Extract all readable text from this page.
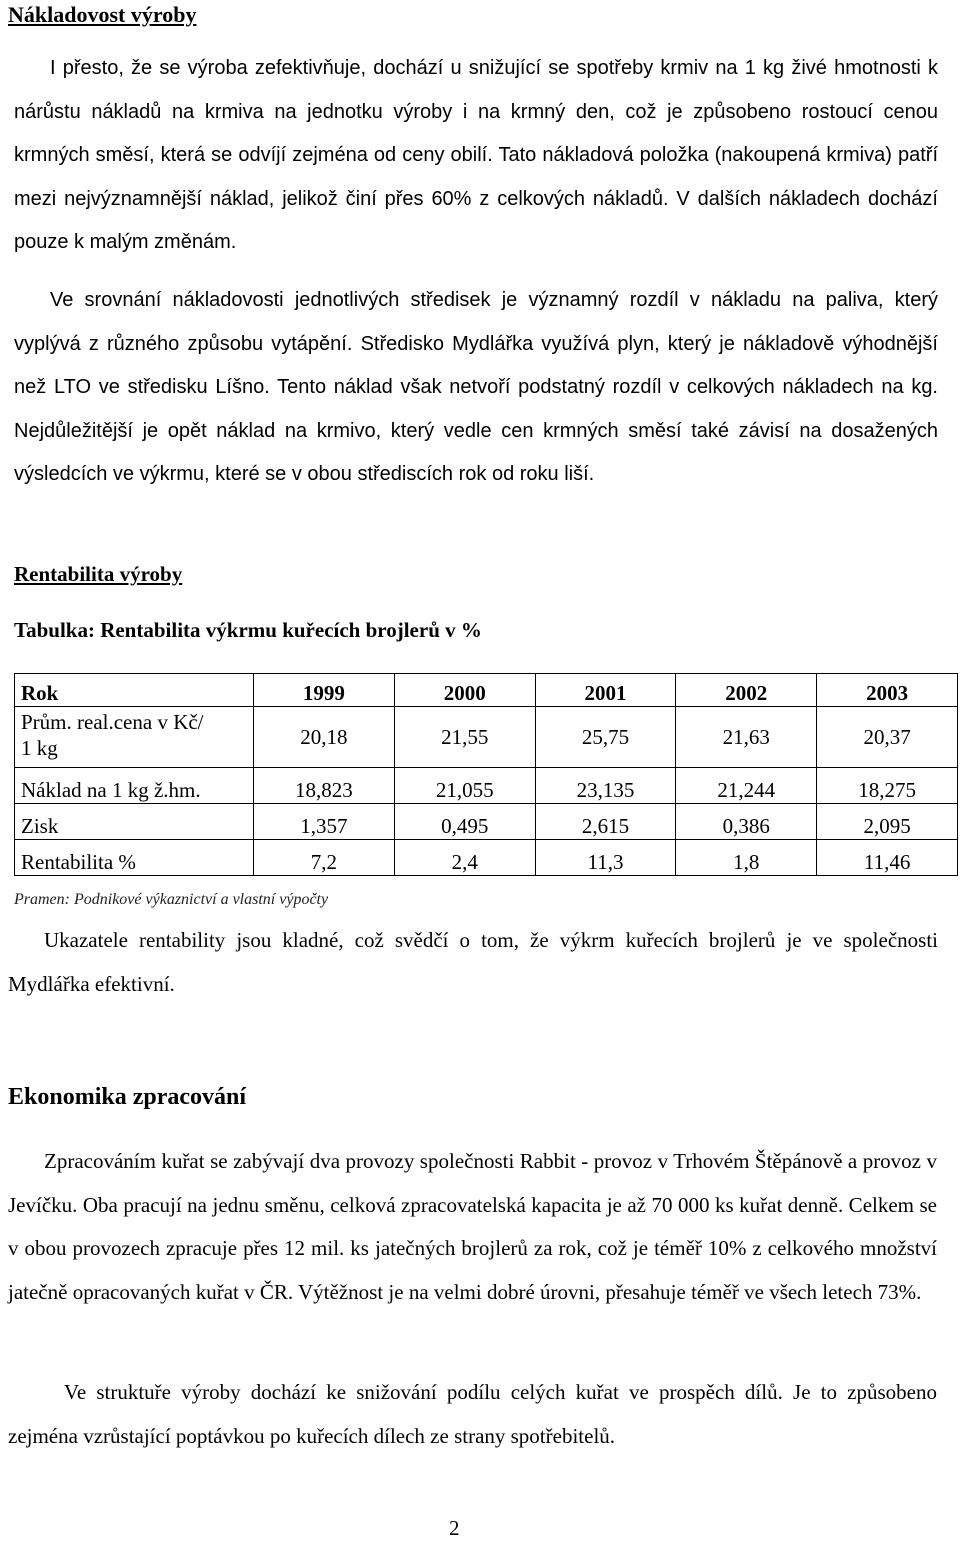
Nákladovost výroby
I přesto, že se výroba zefektivňuje, dochází u snižující se spotřeby krmiv na 1 kg živé hmotnosti k nárůstu nákladů na krmiva na jednotku výroby i na krmný den, což je způsobeno rostoucí cenou krmných směsí, která se odvíjí zejména od ceny obilí. Tato nákladová položka (nakoupená krmiva) patří mezi nejvýznamnější náklad, jelikož činí přes 60% z celkových nákladů. V dalších nákladech dochází pouze k malým změnám.
Ve srovnání nákladovosti jednotlivých středisek je významný rozdíl v nákladu na paliva, který vyplývá z různého způsobu vytápění. Středisko Mydlářka využívá plyn, který je nákladově výhodnější než LTO ve středisku Líšno. Tento náklad však netvoří podstatný rozdíl v celkových nákladech na kg. Nejdůležitější je opět náklad na krmivo, který vedle cen krmných směsí také závisí na dosažených výsledcích ve výkrmu, které se v obou střediscích rok od roku liší.
Rentabilita výroby
Tabulka: Rentabilita výkrmu kuřecích brojlerů v %
Rok	1999	2000	2001	2002	2003

Prům. real.cena v Kč/
1 kg	20,18	21,55	25,75	21,63	20,37
Náklad na 1 kg ž.hm.	18,823	21,055	23,135	21,244	18,275
Zisk	1,357	0,495	2,615	0,386	2,095
Rentabilita %	7,2	2,4	11,3	1,8	11,46
Pramen: Podnikové výkaznictví a vlastní výpočty
Ukazatele rentability jsou kladné, což svědčí o tom, že výkrm kuřecích brojlerů je ve společnosti Mydlářka efektivní.
Ekonomika zpracování
Zpracováním kuřat se zabývají dva provozy společnosti Rabbit - provoz v Trhovém Štěpánově a provoz v Jevíčku. Oba pracují na jednu směnu, celková zpracovatelská kapacita je až 70 000 ks kuřat denně. Celkem se v obou provozech zpracuje přes 12 mil. ks jatečných brojlerů za rok, což je téměř 10% z celkového množství jatečně opracovaných kuřat v ČR. Výtěžnost je na velmi dobré úrovni, přesahuje téměř ve všech letech 73%.
Ve struktuře výroby dochází ke snižování podílu celých kuřat ve prospěch dílů. Je to způsobeno zejména vzrůstající poptávkou po kuřecích dílech ze strany spotřebitelů.
2
